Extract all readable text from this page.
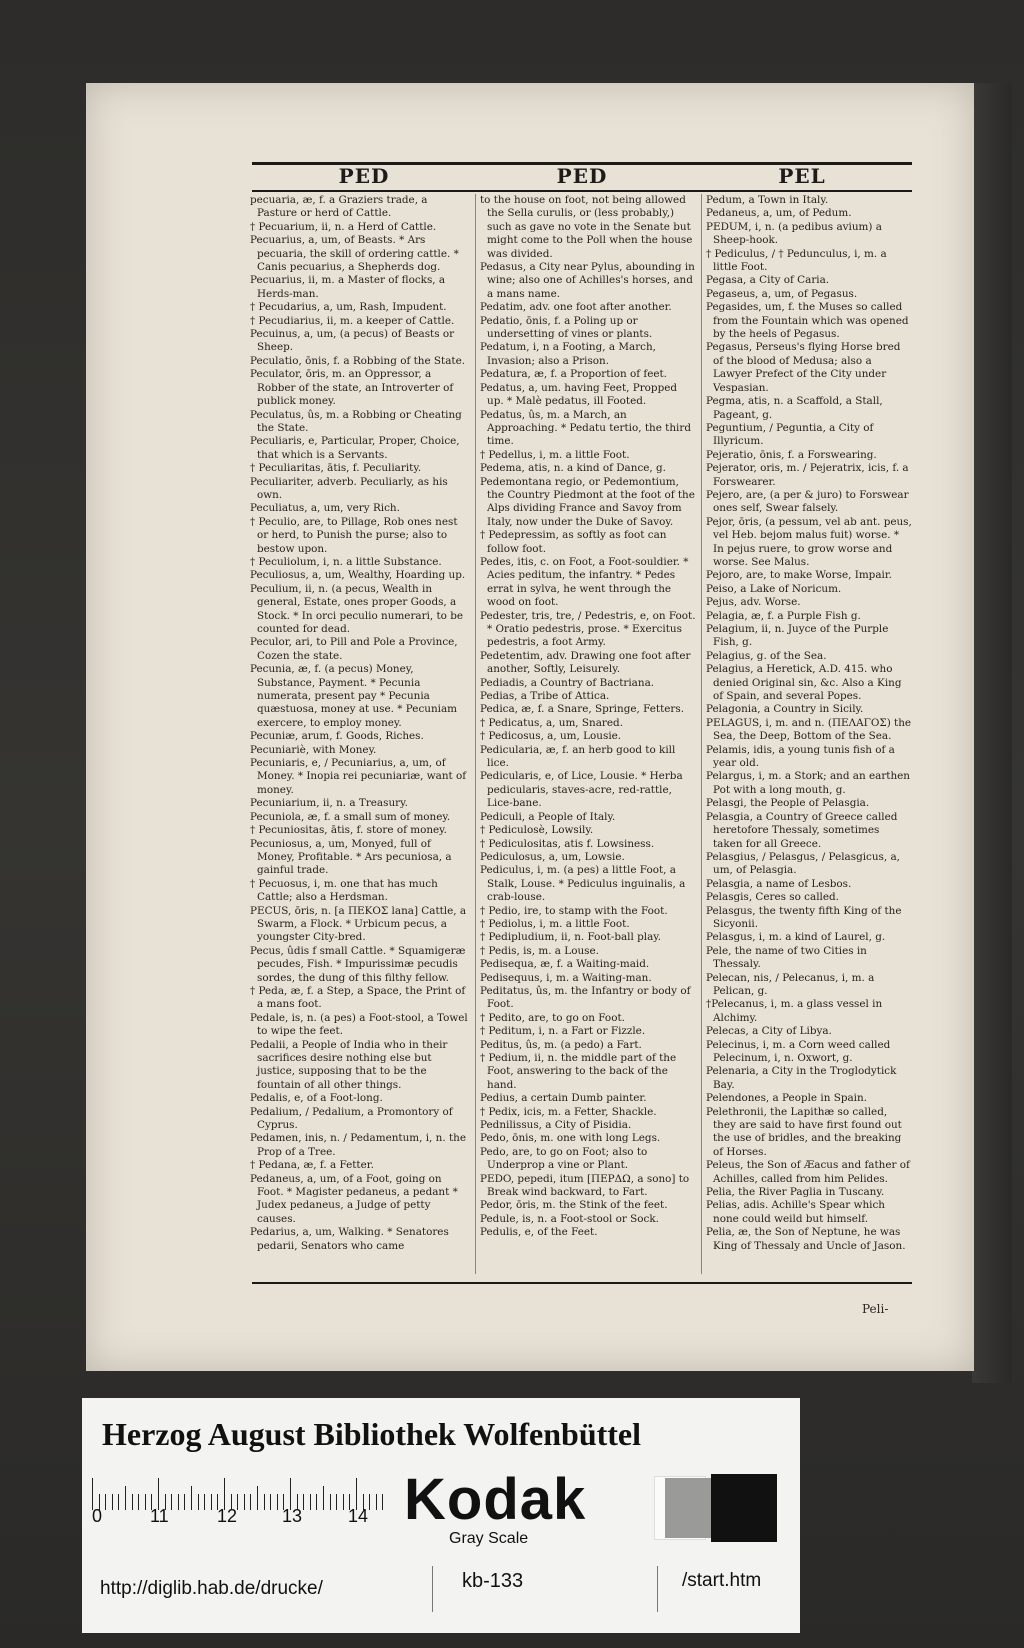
PED	PED	PEL

pecuaria, æ, f. a Graziers trade, a Pasture or herd of Cattle.

† Pecuarium, ii, n. a Herd of Cattle.

Pecuarius, a, um, of Beasts. * Ars pecuaria, the skill of ordering cattle. * Canis pecuarius, a Shepherds dog.

Pecuarius, ii, m. a Master of flocks, a Herds-man.

† Pecudarius, a, um, Rash, Impudent.

† Pecudiarius, ii, m. a keeper of Cattle.

Pecuinus, a, um, (a pecus) of Beasts or Sheep.

Peculatio, ōnis, f. a Robbing of the State.

Peculator, ōris, m. an Oppressor, a Robber of the state, an Introverter of publick money.

Peculatus, ûs, m. a Robbing or Cheating the State.

Peculiaris, e, Particular, Proper, Choice, that which is a Servants.

† Peculiaritas, ātis, f. Peculiarity.

Peculiariter, adverb. Peculiarly, as his own.

Peculiatus, a, um, very Rich.

† Peculio, are, to Pillage, Rob ones nest or herd, to Punish the purse; also to bestow upon.

† Peculiolum, i, n. a little Substance.

Peculiosus, a, um, Wealthy, Hoarding up.

Peculium, ii, n. (a pecus, Wealth in general, Estate, ones proper Goods, a Stock. * In orci peculio numerari, to be counted for dead.

Peculor, ari, to Pill and Pole a Province, Cozen the state.

Pecunia, æ, f. (a pecus) Money, Substance, Payment. * Pecunia numerata, present pay * Pecunia quæstuosa, money at use. * Pecuniam exercere, to employ money.

Pecuniæ, arum, f. Goods, Riches.

Pecuniariè, with Money.

Pecuniaris, e, / Pecuniarius, a, um, of Money. * Inopia rei pecuniariæ, want of money.

Pecuniarium, ii, n. a Treasury.

Pecuniola, æ, f. a small sum of money.

† Pecuniositas, ātis, f. store of money.

Pecuniosus, a, um, Monyed, full of Money, Profitable. * Ars pecuniosa, a gainful trade.

† Pecuosus, i, m. one that has much Cattle; also a Herdsman.

PECUS, ōris, n. [a ΠΕΚΟΣ lana] Cattle, a Swarm, a Flock. * Urbicum pecus, a youngster City-bred.

Pecus, ûdis f small Cattle. * Squamigeræ pecudes, Fish. * Impurissimæ pecudis sordes, the dung of this filthy fellow.

† Peda, æ, f. a Step, a Space, the Print of a mans foot.

Pedale, is, n. (a pes) a Foot-stool, a Towel to wipe the feet.

Pedalii, a People of India who in their sacrifices desire nothing else but justice, supposing that to be the fountain of all other things.

Pedalis, e, of a Foot-long.

Pedalium, / Pedalium, a Promontory of Cyprus.

Pedamen, inis, n. / Pedamentum, i, n. the Prop of a Tree.

† Pedana, æ, f. a Fetter.

Pedaneus, a, um, of a Foot, going on Foot. * Magister pedaneus, a pedant * Judex pedaneus, a Judge of petty causes.

Pedarius, a, um, Walking. * Senatores pedarii, Senators who came

to the house on foot, not being allowed the Sella curulis, or (less probably,) such as gave no vote in the Senate but might come to the Poll when the house was divided.

Pedasus, a City near Pylus, abounding in wine; also one of Achilles's horses, and a mans name.

Pedatim, adv. one foot after another.

Pedatio, ōnis, f. a Poling up or undersetting of vines or plants.

Pedatum, i, n a Footing, a March, Invasion; also a Prison.

Pedatura, æ, f. a Proportion of feet.

Pedatus, a, um. having Feet, Propped up. * Malè pedatus, ill Footed.

Pedatus, ûs, m. a March, an Approaching. * Pedatu tertio, the third time.

† Pedellus, i, m. a little Foot.

Pedema, atis, n. a kind of Dance, g.

Pedemontana regio, or Pedemontium, the Country Piedmont at the foot of the Alps dividing France and Savoy from Italy, now under the Duke of Savoy.

† Pedepressim, as softly as foot can follow foot.

Pedes, itis, c. on Foot, a Foot-souldier. * Acies peditum, the infantry. * Pedes errat in sylva, he went through the wood on foot.

Pedester, tris, tre, / Pedestris, e, on Foot. * Oratio pedestris, prose. * Exercitus pedestris, a foot Army.

Pedetentim, adv. Drawing one foot after another, Softly, Leisurely.

Pediadis, a Country of Bactriana.

Pedias, a Tribe of Attica.

Pedica, æ, f. a Snare, Springe, Fetters.

† Pedicatus, a, um, Snared.

† Pedicosus, a, um, Lousie.

Pedicularia, æ, f. an herb good to kill lice.

Pedicularis, e, of Lice, Lousie. * Herba pedicularis, staves-acre, red-rattle, Lice-bane.

Pediculi, a People of Italy.

† Pediculosè, Lowsily.

† Pediculositas, atis f. Lowsiness.

Pediculosus, a, um, Lowsie.

Pediculus, i, m. (a pes) a little Foot, a Stalk, Louse. * Pediculus inguinalis, a crab-louse.

† Pedio, ire, to stamp with the Foot.

† Pediolus, i, m. a little Foot.

† Pedipludium, ii, n. Foot-ball play.

† Pedis, is, m. a Louse.

Pedisequa, æ, f. a Waiting-maid.

Pedisequus, i, m. a Waiting-man.

Peditatus, ûs, m. the Infantry or body of Foot.

† Pedito, are, to go on Foot.

† Peditum, i, n. a Fart or Fizzle.

Peditus, ûs, m. (a pedo) a Fart.

† Pedium, ii, n. the middle part of the Foot, answering to the back of the hand.

Pedius, a certain Dumb painter.

† Pedix, icis, m. a Fetter, Shackle.

Pednilissus, a City of Pisidia.

Pedo, ōnis, m. one with long Legs.

Pedo, are, to go on Foot; also to Underprop a vine or Plant.

PEDO, pepedi, itum [ΠΕΡΔΩ, a sono] to Break wind backward, to Fart.

Pedor, ōris, m. the Stink of the feet.

Pedule, is, n. a Foot-stool or Sock.

Pedulis, e, of the Feet.

Pedum, a Town in Italy.

Pedaneus, a, um, of Pedum.

PEDUM, i, n. (a pedibus avium) a Sheep-hook.

† Pediculus, / † Pedunculus, i, m. a little Foot.

Pegasa, a City of Caria.

Pegaseus, a, um, of Pegasus.

Pegasides, um, f. the Muses so called from the Fountain which was opened by the heels of Pegasus.

Pegasus, Perseus's flying Horse bred of the blood of Medusa; also a Lawyer Prefect of the City under Vespasian.

Pegma, atis, n. a Scaffold, a Stall, Pageant, g.

Peguntium, / Peguntia, a City of Illyricum.

Pejeratio, ōnis, f. a Forswearing.

Pejerator, oris, m. / Pejeratrix, icis, f. a Forswearer.

Pejero, are, (a per & juro) to Forswear ones self, Swear falsely.

Pejor, ōris, (a pessum, vel ab ant. peus, vel Heb. bejom malus fuit) worse. * In pejus ruere, to grow worse and worse. See Malus.

Pejoro, are, to make Worse, Impair.

Peiso, a Lake of Noricum.

Pejus, adv. Worse.

Pelagia, æ, f. a Purple Fish g.

Pelagium, ii, n. Juyce of the Purple Fish, g.

Pelagius, g. of the Sea.

Pelagius, a Heretick, A.D. 415. who denied Original sin, &c. Also a King of Spain, and several Popes.

Pelagonia, a Country in Sicily.

PELAGUS, i, m. and n. (ΠΕΛΑΓΟΣ) the Sea, the Deep, Bottom of the Sea.

Pelamis, idis, a young tunis fish of a year old.

Pelargus, i, m. a Stork; and an earthen Pot with a long mouth, g.

Pelasgi, the People of Pelasgia.

Pelasgia, a Country of Greece called heretofore Thessaly, sometimes taken for all Greece.

Pelasgius, / Pelasgus, / Pelasgicus, a, um, of Pelasgia.

Pelasgia, a name of Lesbos.

Pelasgis, Ceres so called.

Pelasgus, the twenty fifth King of the Sicyonii.

Pelasgus, i, m. a kind of Laurel, g.

Pele, the name of two Cities in Thessaly.

Pelecan, nis, / Pelecanus, i, m. a Pelican, g.

†Pelecanus, i, m. a glass vessel in Alchimy.

Pelecas, a City of Libya.

Pelecinus, i, m. a Corn weed called Pelecinum, i, n. Oxwort, g.

Pelenaria, a City in the Troglodytick Bay.

Pelendones, a People in Spain.

Pelethronii, the Lapithæ so called, they are said to have first found out the use of bridles, and the breaking of Horses.

Peleus, the Son of Æacus and father of Achilles, called from him Pelides.

Pelia, the River Paglia in Tuscany.

Pelias, adis. Achille's Spear which none could weild but himself.

Pelia, æ, the Son of Neptune, he was King of Thessaly and Uncle of Jason.

Peli-
Herzog August Bibliothek Wolfenbüttel
0	11	12 13	14 Kodak
Gray Scale
http://diglib.hab.de/drucke/	kb-133	/start.htm
